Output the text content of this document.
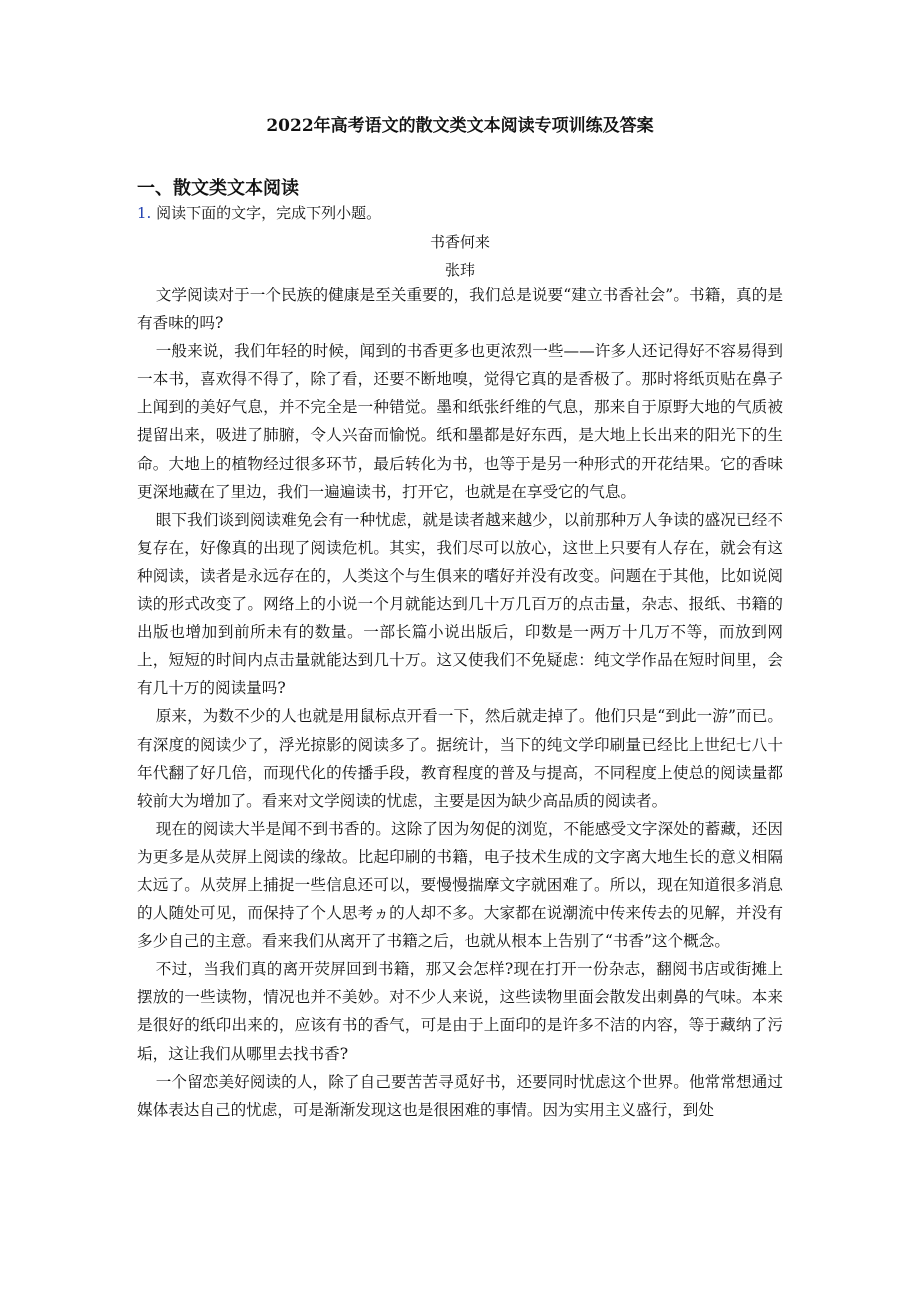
2022年高考语文的散文类文本阅读专项训练及答案
一、散文类文本阅读
1. 阅读下面的文字，完成下列小题。
书香何来
张玮

文学阅读对于一个民族的健康是至关重要的，我们总是说要“建立书香社会”。书籍，真的是有香味的吗?

一般来说，我们年轻的时候，闻到的书香更多也更浓烈一些——许多人还记得好不容易得到一本书，喜欢得不得了，除了看，还要不断地嗅，觉得它真的是香极了。那时将纸页贴在鼻子上闻到的美好气息，并不完全是一种错觉。墨和纸张纤维的气息，那来自于原野大地的气质被提留出来，吸进了肺腑，令人兴奋而愉悦。纸和墨都是好东西，是大地上长出来的阳光下的生命。大地上的植物经过很多环节，最后转化为书，也等于是另一种形式的开花结果。它的香味更深地藏在了里边，我们一遍遍读书，打开它，也就是在享受它的气息。

眼下我们谈到阅读难免会有一种忧虑，就是读者越来越少，以前那种万人争读的盛况已经不复存在，好像真的出现了阅读危机。其实，我们尽可以放心，这世上只要有人存在，就会有这种阅读，读者是永远存在的，人类这个与生俱来的嗜好并没有改变。问题在于其他，比如说阅读的形式改变了。网络上的小说一个月就能达到几十万几百万的点击量，杂志、报纸、书籍的出版也增加到前所未有的数量。一部长篇小说出版后，印数是一两万十几万不等，而放到网上，短短的时间内点击量就能达到几十万。这又使我们不免疑虑：纯文学作品在短时间里，会有几十万的阅读量吗?

原来，为数不少的人也就是用鼠标点开看一下，然后就走掉了。他们只是“到此一游”而已。有深度的阅读少了，浮光掠影的阅读多了。据统计，当下的纯文学印刷量已经比上世纪七八十年代翻了好几倍，而现代化的传播手段，教育程度的普及与提高，不同程度上使总的阅读量都较前大为增加了。看来对文学阅读的忧虑，主要是因为缺少高品质的阅读者。

现在的阅读大半是闻不到书香的。这除了因为匆促的浏览，不能感受文字深处的蓄藏，还因为更多是从荧屏上阅读的缘故。比起印刷的书籍，电子技术生成的文字离大地生长的意义相隔太远了。从荧屏上捕捉一些信息还可以，要慢慢揣摩文字就困难了。所以，现在知道很多消息的人随处可见，而保持了个人思考ヵ的人却不多。大家都在说潮流中传来传去的见解，并没有多少自己的主意。看来我们从离开了书籍之后，也就从根本上告别了“书香”这个概念。

不过，当我们真的离开荧屏回到书籍，那又会怎样?现在打开一份杂志，翻阅书店或街摊上摆放的一些读物，情况也并不美妙。对不少人来说，这些读物里面会散发出刺鼻的气味。本来是很好的纸印出来的，应该有书的香气，可是由于上面印的是许多不洁的内容，等于藏纳了污垢，这让我们从哪里去找书香?

一个留恋美好阅读的人，除了自己要苦苦寻觅好书，还要同时忧虑这个世界。他常常想通过媒体表达自己的忧虑，可是渐渐发现这也是很困难的事情。因为实用主义盛行，到处
